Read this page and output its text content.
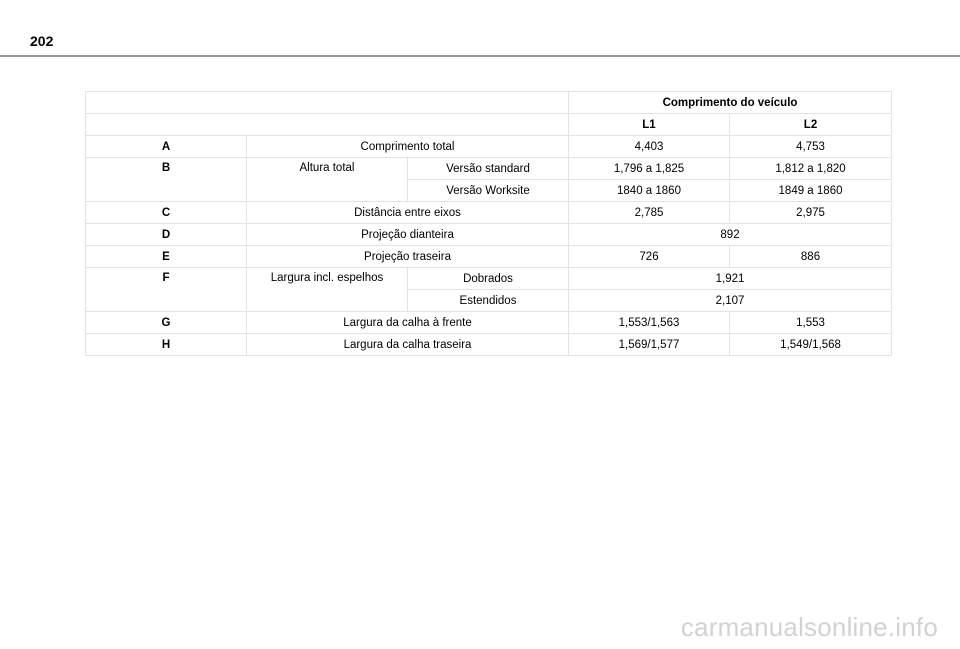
202
			Comprimento do veículo	
			L1	L2
A	Comprimento total		4,403	4,753
B	Altura total	Versão standard	1,796 a 1,825	1,812 a 1,820
		Versão Worksite	1840 a 1860	1849 a 1860
C	Distância entre eixos		2,785	2,975
D	Projeção dianteira		892	
E	Projeção traseira		726	886
F	Largura incl. espelhos	Dobrados	1,921	
		Estendidos	2,107	
G	Largura da calha à frente		1,553/1,563	1,553
H	Largura da calha traseira		1,569/1,577	1,549/1,568
carmanualsonline.info
